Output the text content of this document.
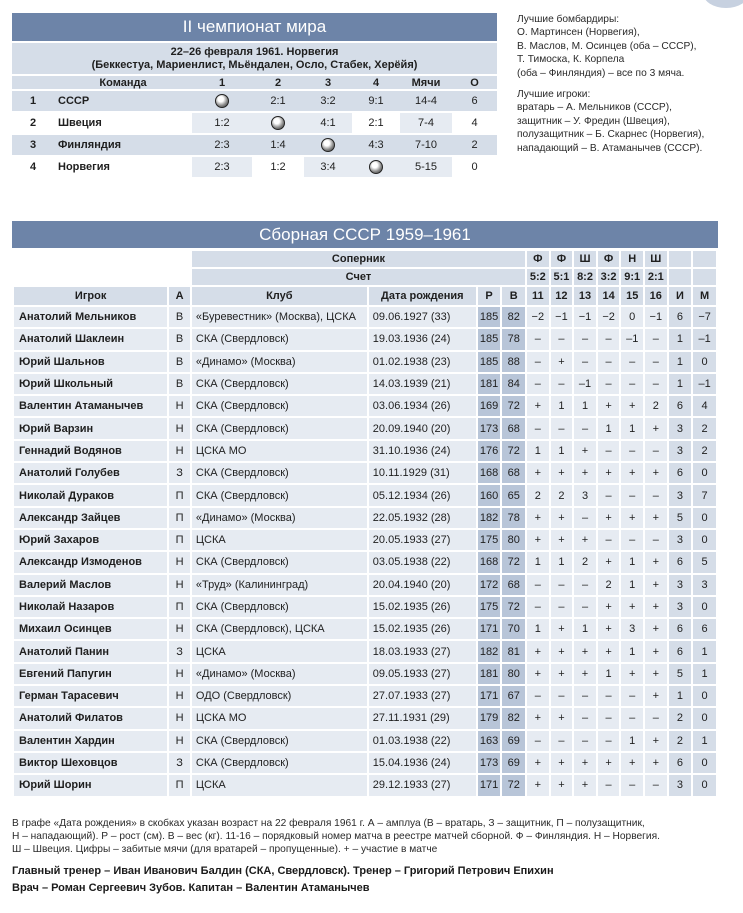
II чемпионат мира
22–26 февраля 1961. Норвегия
(Беккестуа, Мариенлист, Мьёндален, Осло, Стабек, Херёйя)
	Команда	1	2	3	4	Мячи	О
1	СССР		2:1	3:2	9:1	14-4	6
2	Швеция	1:2		4:1	2:1	7-4	4
3	Финляндия	2:3	1:4		4:3	7-10	2
4	Норвегия	2:3	1:2	3:4		5-15	0
Лучшие бомбардиры:
О. Мартинсен (Норвегия),
В. Маслов, М. Осинцев (оба – СССР),
Т. Тимоска, К. Корпела
(оба – Финляндия) – все по 3 мяча.
Лучшие игроки:
вратарь – А. Мельников (СССР),
защитник – У. Фредин (Швеция),
полузащитник – Б. Скарнес (Норвегия),
нападающий – В. Атаманычев (СССР).
Сборная СССР 1959–1961
		Соперник				Ф	Ф	Ш	Ф	Н	Ш		
		Счет				5:2	5:1	8:2	3:2	9:1	2:1		
Игрок	А	Клуб	Дата рождения	Р	В	11	12	13	14	15	16	И	М
Анатолий Мельников	В	«Буревестник» (Москва), ЦСКА	09.06.1927 (33)	185	82	−2	−1	−1	−2	0	−1	6	−7
Анатолий Шаклеин	В	СКА (Свердловск)	19.03.1936 (24)	185	78	–	–	–	–	–1	–	1	–1
Юрий Шальнов	В	«Динамо» (Москва)	01.02.1938 (23)	185	88	–	+	–	–	–	–	1	0
Юрий Школьный	В	СКА (Свердловск)	14.03.1939 (21)	181	84	–	–	–1	–	–	–	1	–1
Валентин Атаманычев	Н	СКА (Свердловск)	03.06.1934 (26)	169	72	+	1	1	+	+	2	6	4
Юрий Варзин	Н	СКА (Свердловск)	20.09.1940 (20)	173	68	–	–	–	1	1	+	3	2
Геннадий Водянов	Н	ЦСКА МО	31.10.1936 (24)	176	72	1	1	+	–	–	–	3	2
Анатолий Голубев	З	СКА (Свердловск)	10.11.1929 (31)	168	68	+	+	+	+	+	+	6	0
Николай Дураков	П	СКА (Свердловск)	05.12.1934 (26)	160	65	2	2	3	–	–	–	3	7
Александр Зайцев	П	«Динамо» (Москва)	22.05.1932 (28)	182	78	+	+	–	+	+	+	5	0
Юрий Захаров	П	ЦСКА	20.05.1933 (27)	175	80	+	+	+	–	–	–	3	0
Александр Измоденов	Н	СКА (Свердловск)	03.05.1938 (22)	168	72	1	1	2	+	1	+	6	5
Валерий Маслов	Н	«Труд» (Калининград)	20.04.1940 (20)	172	68	–	–	–	2	1	+	3	3
Николай Назаров	П	СКА (Свердловск)	15.02.1935 (26)	175	72	–	–	–	+	+	+	3	0
Михаил Осинцев	Н	СКА (Свердловск), ЦСКА	15.02.1935 (26)	171	70	1	+	1	+	3	+	6	6
Анатолий Панин	З	ЦСКА	18.03.1933 (27)	182	81	+	+	+	+	1	+	6	1
Евгений Папугин	Н	«Динамо» (Москва)	09.05.1933 (27)	181	80	+	+	+	1	+	+	5	1
Герман Тарасевич	Н	ОДО (Свердловск)	27.07.1933 (27)	171	67	–	–	–	–	–	+	1	0
Анатолий Филатов	Н	ЦСКА МО	27.11.1931 (29)	179	82	+	+	–	–	–	–	2	0
Валентин Хардин	Н	СКА (Свердловск)	01.03.1938 (22)	163	69	–	–	–	–	1	+	2	1
Виктор Шеховцов	З	СКА (Свердловск)	15.04.1936 (24)	173	69	+	+	+	+	+	+	6	0
Юрий Шорин	П	ЦСКА	29.12.1933 (27)	171	72	+	+	+	–	–	–	3	0
В графе «Дата рождения» в скобках указан возраст на 22 февраля 1961 г. А – амплуа (В – вратарь, З – защитник, П – полузащитник,
Н – нападающий). Р – рост (см). В – вес (кг). 11-16 – порядковый номер матча в реестре матчей сборной. Ф – Финляндия. Н – Норвегия.
Ш – Швеция. Цифры – забитые мячи (для вратарей – пропущенные). + – участие в матче
Главный тренер – Иван Иванович Балдин (СКА, Свердловск). Тренер – Григорий Петрович Епихин
Врач – Роман Сергеевич Зубов. Капитан – Валентин Атаманычев
